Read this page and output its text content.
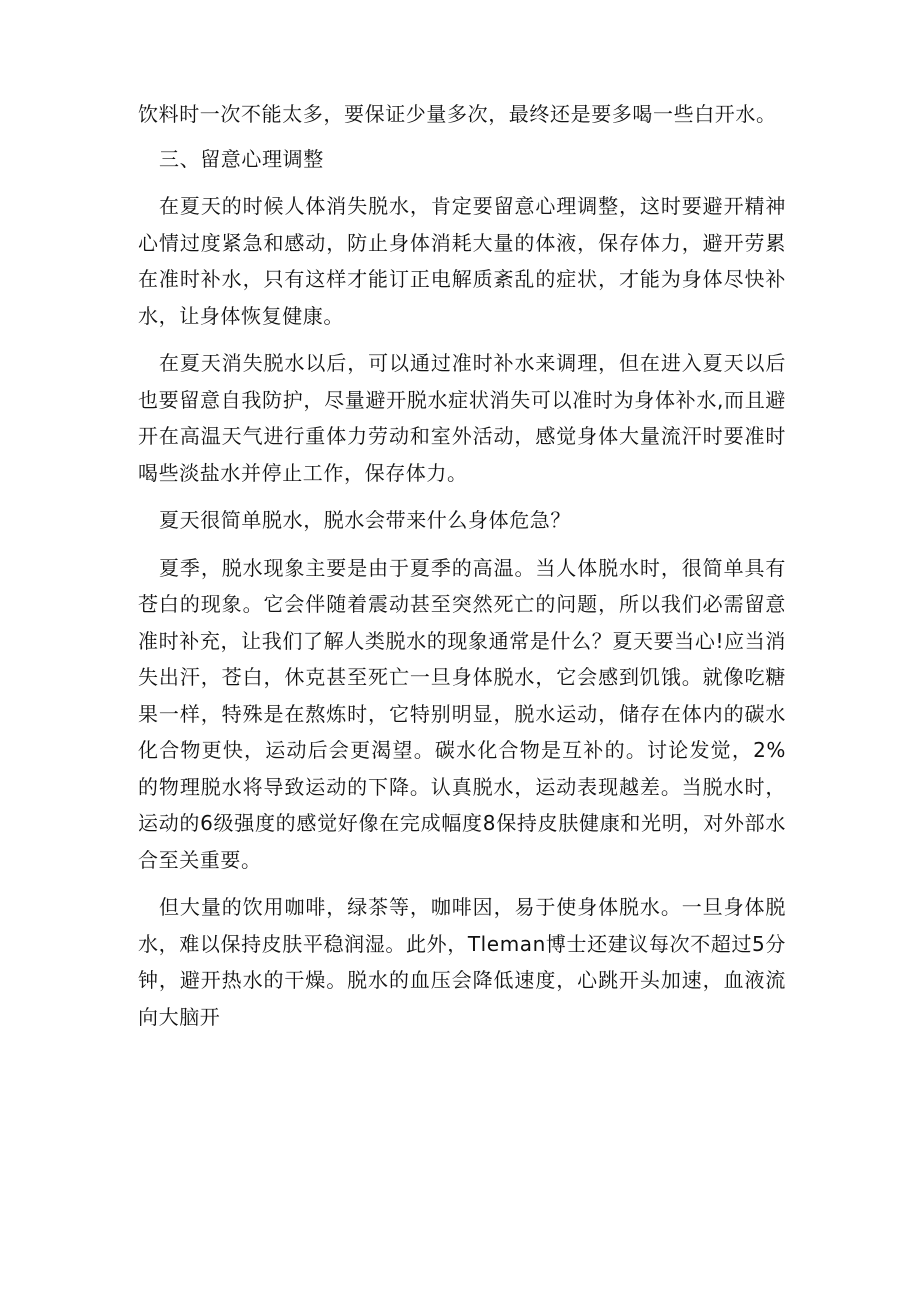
饮料时一次不能太多，要保证少量多次，最终还是要多喝一些白开水。

三、留意心理调整

在夏天的时候人体消失脱水，肯定要留意心理调整，这时要避开精神心情过度紧急和感动，防止身体消耗大量的体液，保存体力，避开劳累在准时补水，只有这样才能订正电解质紊乱的症状，才能为身体尽快补水，让身体恢复健康。

在夏天消失脱水以后，可以通过准时补水来调理，但在进入夏天以后也要留意自我防护，尽量避开脱水症状消失可以准时为身体补水,而且避开在高温天气进行重体力劳动和室外活动，感觉身体大量流汗时要准时喝些淡盐水并停止工作，保存体力。

夏天很简单脱水，脱水会带来什么身体危急？

夏季，脱水现象主要是由于夏季的高温。当人体脱水时，很简单具有苍白的现象。它会伴随着震动甚至突然死亡的问题，所以我们必需留意准时补充，让我们了解人类脱水的现象通常是什么？夏天要当心!应当消失出汗，苍白，休克甚至死亡一旦身体脱水，它会感到饥饿。就像吃糖果一样，特殊是在熬炼时，它特别明显，脱水运动，储存在体内的碳水化合物更快，运动后会更渴望。碳水化合物是互补的。讨论发觉，2%的物理脱水将导致运动的下降。认真脱水，运动表现越差。当脱水时，运动的6级强度的感觉好像在完成幅度8保持皮肤健康和光明，对外部水合至关重要。

但大量的饮用咖啡，绿茶等，咖啡因，易于使身体脱水。一旦身体脱水，难以保持皮肤平稳润湿。此外，Tleman博士还建议每次不超过5分钟，避开热水的干燥。脱水的血压会降低速度，心跳开头加速，血液流向大脑开
